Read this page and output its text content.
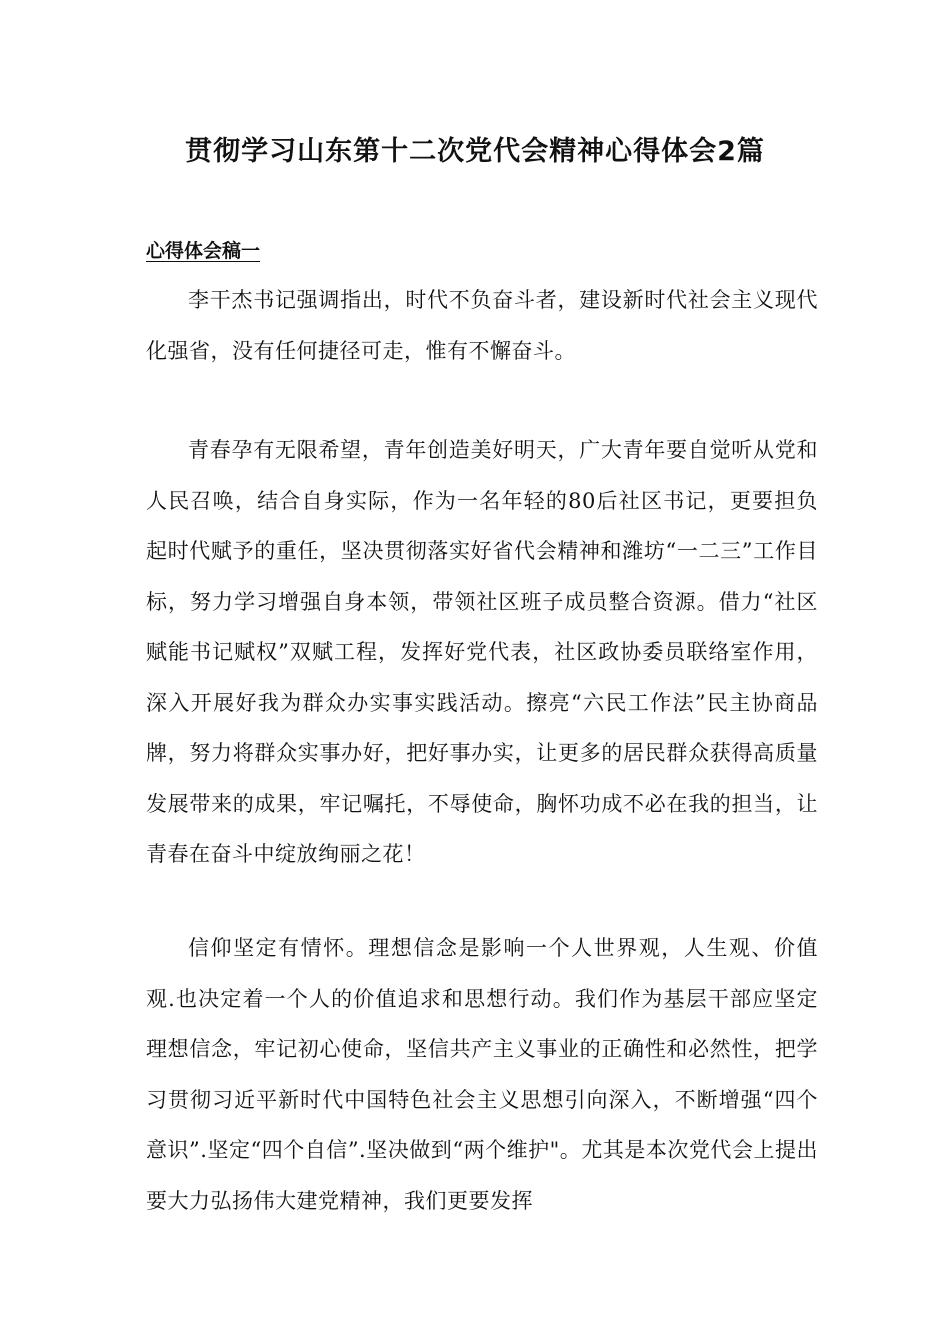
贯彻学习山东第十二次党代会精神心得体会2篇
心得体会稿一

李干杰书记强调指出，时代不负奋斗者，建设新时代社会主义现代化强省，没有任何捷径可走，惟有不懈奋斗。

青春孕有无限希望，青年创造美好明天，广大青年要自觉听从党和人民召唤，结合自身实际，作为一名年轻的80后社区书记，更要担负起时代赋予的重任，坚决贯彻落实好省代会精神和潍坊“一二三”工作目标，努力学习增强自身本领，带领社区班子成员整合资源。借力“社区赋能书记赋权”双赋工程，发挥好党代表，社区政协委员联络室作用，深入开展好我为群众办实事实践活动。擦亮“六民工作法”民主协商品牌，努力将群众实事办好，把好事办实，让更多的居民群众获得高质量发展带来的成果，牢记嘱托，不辱使命，胸怀功成不必在我的担当，让青春在奋斗中绽放绚丽之花！

信仰坚定有情怀。理想信念是影响一个人世界观，人生观、价值观.也决定着一个人的价值追求和思想行动。我们作为基层干部应坚定理想信念，牢记初心使命，坚信共产主义事业的正确性和必然性，把学习贯彻习近平新时代中国特色社会主义思想引向深入，不断增强“四个意识”.坚定“四个自信”.坚决做到“两个维护"。尤其是本次党代会上提出要大力弘扬伟大建党精神，我们更要发挥
